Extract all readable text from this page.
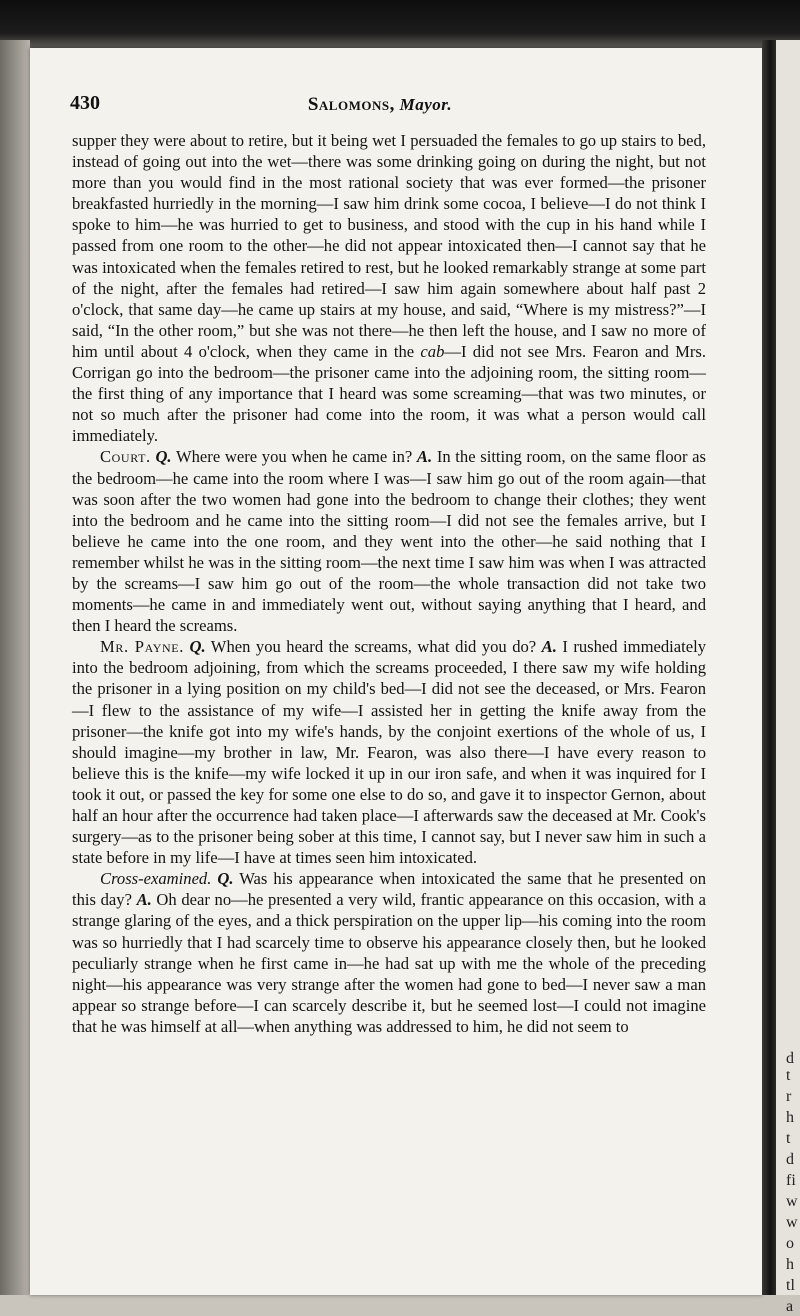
d
t
r
h
t
d
fi
w
w
o
h
tl
a
430	Salomons, Mayor.

supper they were about to retire, but it being wet I persuaded the females to go up stairs to bed, instead of going out into the wet—there was some drinking going on during the night, but not more than you would find in the most rational society that was ever formed—the prisoner breakfasted hurriedly in the morning—I saw him drink some cocoa, I believe—I do not think I spoke to him—he was hurried to get to business, and stood with the cup in his hand while I passed from one room to the other—he did not appear intoxicated then—I cannot say that he was intoxicated when the females retired to rest, but he looked remarkably strange at some part of the night, after the females had retired—I saw him again somewhere about half past 2 o'clock, that same day—he came up stairs at my house, and said, “Where is my mistress?”—I said, “In the other room,” but she was not there—he then left the house, and I saw no more of him until about 4 o'clock, when they came in the cab—I did not see Mrs. Fearon and Mrs. Corrigan go into the bedroom—the prisoner came into the adjoining room, the sitting room—the first thing of any importance that I heard was some screaming—that was two minutes, or not so much after the prisoner had come into the room, it was what a person would call immediately.

Court. Q. Where were you when he came in? A. In the sitting room, on the same floor as the bedroom—he came into the room where I was—I saw him go out of the room again—that was soon after the two women had gone into the bedroom to change their clothes; they went into the bedroom and he came into the sitting room—I did not see the females arrive, but I believe he came into the one room, and they went into the other—he said nothing that I remember whilst he was in the sitting room—the next time I saw him was when I was attracted by the screams—I saw him go out of the room—the whole transaction did not take two moments—he came in and immediately went out, without saying anything that I heard, and then I heard the screams.

Mr. Payne. Q. When you heard the screams, what did you do? A. I rushed immediately into the bedroom adjoining, from which the screams proceeded, I there saw my wife holding the prisoner in a lying position on my child's bed—I did not see the deceased, or Mrs. Fearon—I flew to the assistance of my wife—I assisted her in getting the knife away from the prisoner—the knife got into my wife's hands, by the conjoint exertions of the whole of us, I should imagine—my brother in law, Mr. Fearon, was also there—I have every reason to believe this is the knife—my wife locked it up in our iron safe, and when it was inquired for I took it out, or passed the key for some one else to do so, and gave it to inspector Gernon, about half an hour after the occurrence had taken place—I afterwards saw the deceased at Mr. Cook's surgery—as to the prisoner being sober at this time, I cannot say, but I never saw him in such a state before in my life—I have at times seen him intoxicated.

Cross-examined. Q. Was his appearance when intoxicated the same that he presented on this day? A. Oh dear no—he presented a very wild, frantic appearance on this occasion, with a strange glaring of the eyes, and a thick perspiration on the upper lip—his coming into the room was so hurriedly that I had scarcely time to observe his appearance closely then, but he looked peculiarly strange when he first came in—he had sat up with me the whole of the preceding night—his appearance was very strange after the women had gone to bed—I never saw a man appear so strange before—I can scarcely describe it, but he seemed lost—I could not imagine that he was himself at all—when anything was addressed to him, he did not seem to
